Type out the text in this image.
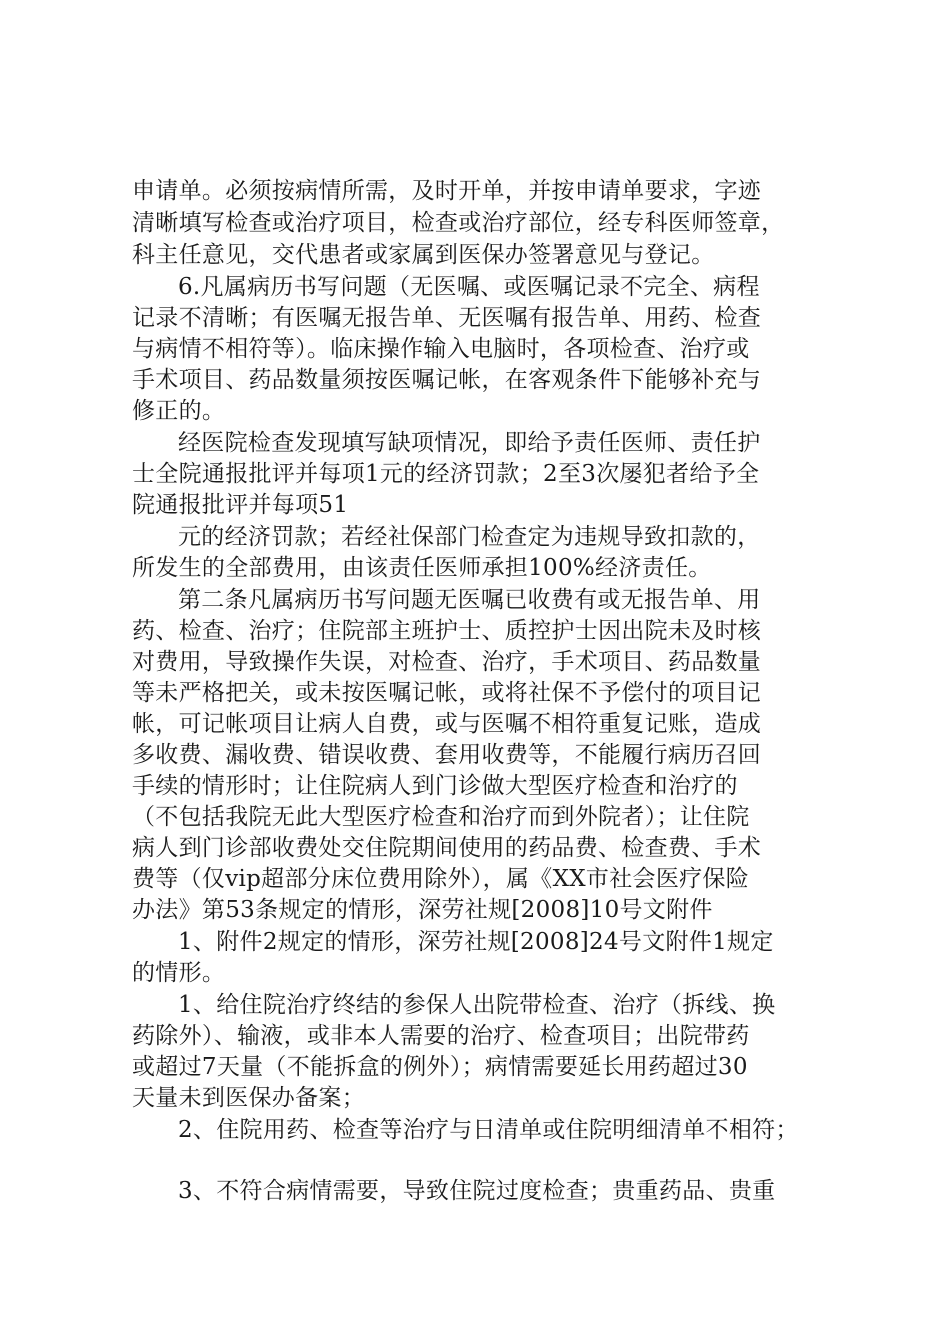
申请单。必须按病情所需，及时开单，并按申请单要求，字迹
清晰填写检查或治疗项目，检查或治疗部位，经专科医师签章，
科主任意见，交代患者或家属到医保办签署意见与登记。
6.凡属病历书写问题（无医嘱、或医嘱记录不完全、病程
记录不清晰；有医嘱无报告单、无医嘱有报告单、用药、检查
与病情不相符等）。临床操作输入电脑时，各项检查、治疗或
手术项目、药品数量须按医嘱记帐，在客观条件下能够补充与
修正的。
经医院检查发现填写缺项情况，即给予责任医师、责任护
士全院通报批评并每项1元的经济罚款；2至3次屡犯者给予全
院通报批评并每项51
元的经济罚款；若经社保部门检查定为违规导致扣款的，
所发生的全部费用，由该责任医师承担100%经济责任。
第二条凡属病历书写问题无医嘱已收费有或无报告单、用
药、检查、治疗；住院部主班护士、质控护士因出院未及时核
对费用，导致操作失误，对检查、治疗，手术项目、药品数量
等未严格把关，或未按医嘱记帐，或将社保不予偿付的项目记
帐，可记帐项目让病人自费，或与医嘱不相符重复记账，造成
多收费、漏收费、错误收费、套用收费等，不能履行病历召回
手续的情形时；让住院病人到门诊做大型医疗检查和治疗的
（不包括我院无此大型医疗检查和治疗而到外院者）；让住院
病人到门诊部收费处交住院期间使用的药品费、检查费、手术
费等（仅vip超部分床位费用除外），属《XX市社会医疗保险
办法》第53条规定的情形，深劳社规[2008]10号文附件
1、附件2规定的情形，深劳社规[2008]24号文附件1规定
的情形。
1、给住院治疗终结的参保人出院带检查、治疗（拆线、换
药除外）、输液，或非本人需要的治疗、检查项目；出院带药
或超过7天量（不能拆盒的例外）；病情需要延长用药超过30
天量未到医保办备案；
2、住院用药、检查等治疗与日清单或住院明细清单不相符；
3、不符合病情需要，导致住院过度检查；贵重药品、贵重
